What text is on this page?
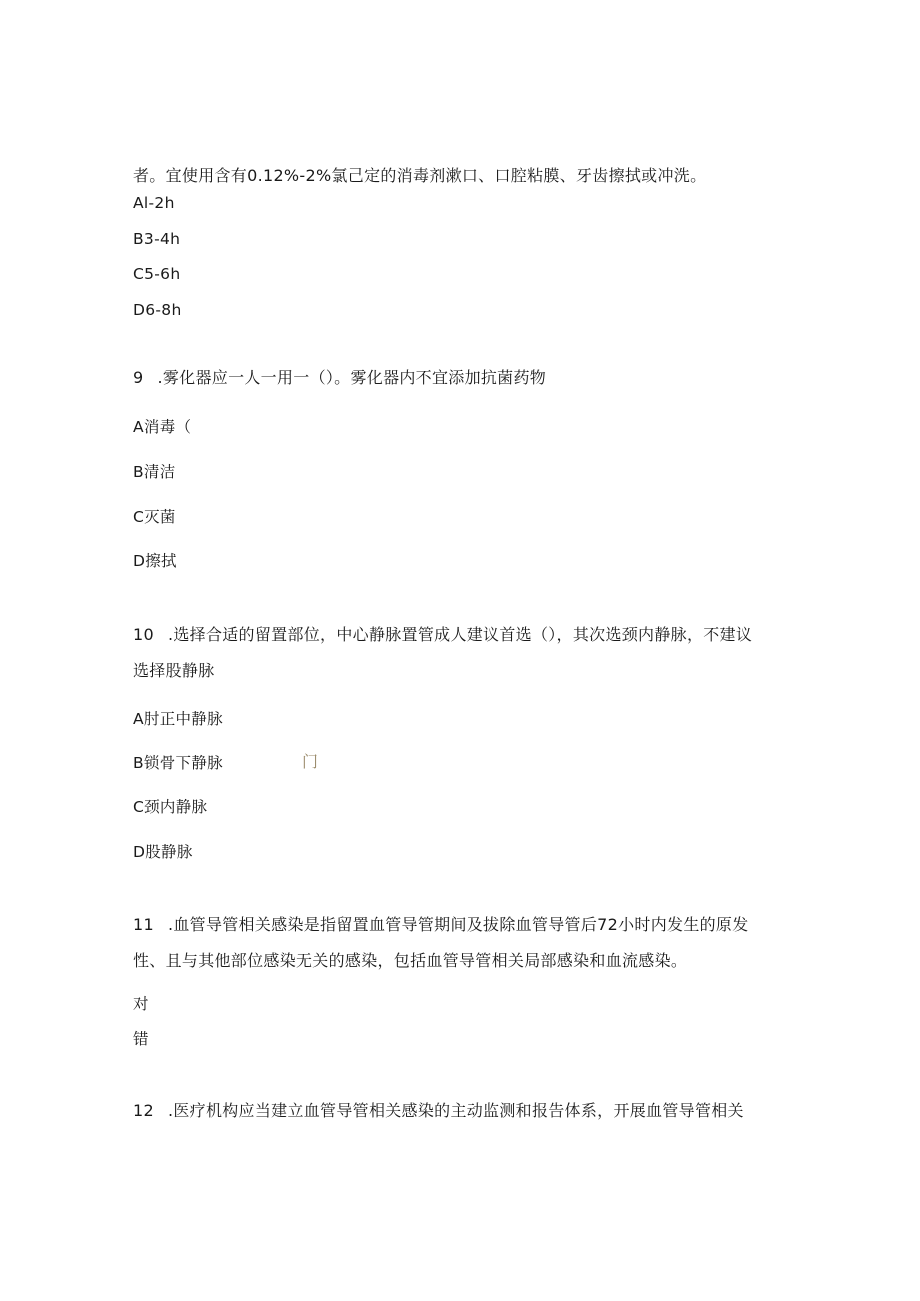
者。宜使用含有0.12%-2%氯己定的消毒剂漱口、口腔粘膜、牙齿擦拭或冲洗。
Al-2h
B3-4h
C5-6h
D6-8h
9 .雾化器应一人一用一（）。雾化器内不宜添加抗菌药物
A消毒（
B清洁
C灭菌
D擦拭
10 .选择合适的留置部位，中心静脉置管成人建议首选（），其次选颈内静脉，不建议
选择股静脉
A肘正中静脉
B锁骨下静脉	门
C颈内静脉
D股静脉
11 .血管导管相关感染是指留置血管导管期间及拔除血管导管后72小时内发生的原发
性、且与其他部位感染无关的感染，包括血管导管相关局部感染和血流感染。
对
错
12 .医疗机构应当建立血管导管相关感染的主动监测和报告体系，开展血管导管相关
